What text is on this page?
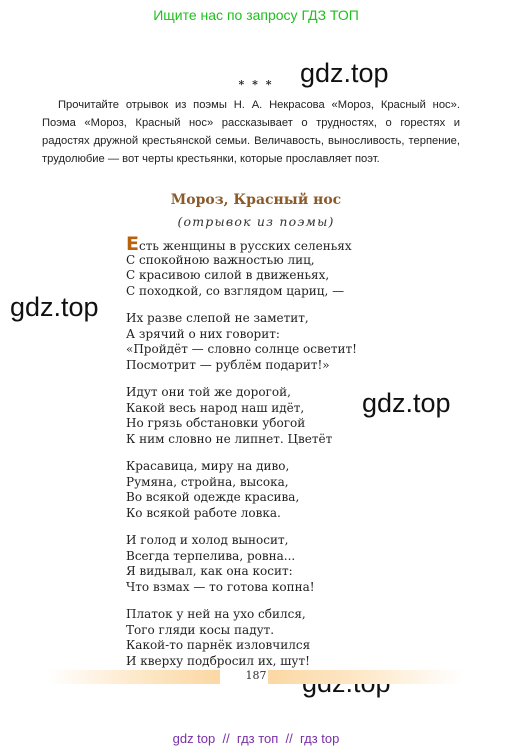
Ищите нас по запросу ГДЗ ТОП
gdz.top
gdz.top
gdz.top
* * *

Прочитайте отрывок из поэмы Н. А. Некрасова «Мороз, Красный нос». Поэма «Мороз, Красный нос» рассказывает о трудностях, о горестях и радостях дружной крестьянской семьи. Величавость, выносливость, терпение, трудолюбие — вот черты крестьянки, которые прославляет поэт.

Мороз, Красный нос
(отрывок из поэмы)
Есть женщины в русских селеньях
С спокойною важностью лиц,
С красивою силой в движеньях,
С походкой, со взглядом цариц, —
Их разве слепой не заметит,
А зрячий о них говорит:
«Пройдёт — словно солнце осветит!
Посмотрит — рублём подарит!»
Идут они той же дорогой,
Какой весь народ наш идёт,
Но грязь обстановки убогой
К ним словно не липнет. Цветёт
Красавица, миру на диво,
Румяна, стройна, высока,
Во всякой одежде красива,
Ко всякой работе ловка.
И голод и холод выносит,
Всегда терпелива, ровна...
Я видывал, как она косит:
Что взмах — то готова копна!
Платок у ней на ухо сбился,
Того гляди косы падут.
Какой-то парнёк изловчился
И кверху подбросил их, шут!
187
gdz top  //  гдз топ  //  гдз top
